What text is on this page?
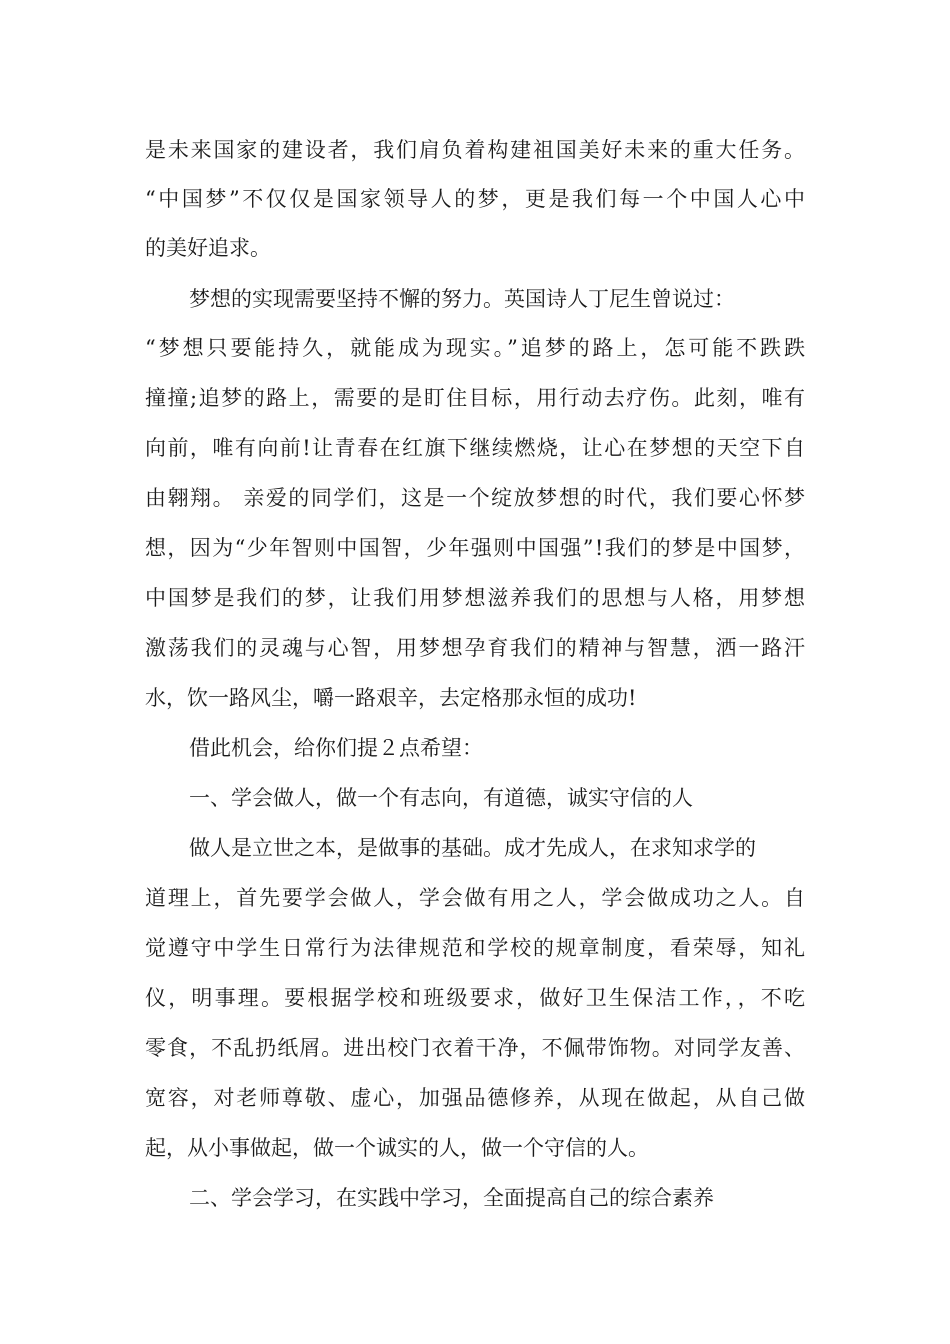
是未来国家的建设者，我们肩负着构建祖国美好未来的重大任务。

“中国梦”不仅仅是国家领导人的梦，更是我们每一个中国人心中

的美好追求。

梦想的实现需要坚持不懈的努力。英国诗人丁尼生曾说过：

“梦想只要能持久，就能成为现实。”追梦的路上，怎可能不跌跌

撞撞;追梦的路上，需要的是盯住目标，用行动去疗伤。此刻，唯有

向前，唯有向前!让青春在红旗下继续燃烧，让心在梦想的天空下自

由翱翔。 亲爱的同学们，这是一个绽放梦想的时代，我们要心怀梦

想，因为“少年智则中国智，少年强则中国强”!我们的梦是中国梦，

中国梦是我们的梦，让我们用梦想滋养我们的思想与人格，用梦想

激荡我们的灵魂与心智，用梦想孕育我们的精神与智慧，洒一路汗

水，饮一路风尘，嚼一路艰辛，去定格那永恒的成功!

借此机会，给你们提２点希望：

一、学会做人，做一个有志向，有道德，诚实守信的人

做人是立世之本，是做事的基础。成才先成人，在求知求学的

道理上，首先要学会做人，学会做有用之人，学会做成功之人。自

觉遵守中学生日常行为法律规范和学校的规章制度，看荣辱，知礼

仪，明事理。要根据学校和班级要求，做好卫生保洁工作，，不吃

零食，不乱扔纸屑。进出校门衣着干净，不佩带饰物。对同学友善、

宽容，对老师尊敬、虚心，加强品德修养，从现在做起，从自己做

起，从小事做起，做一个诚实的人，做一个守信的人。

二、学会学习，在实践中学习，全面提高自己的综合素养
